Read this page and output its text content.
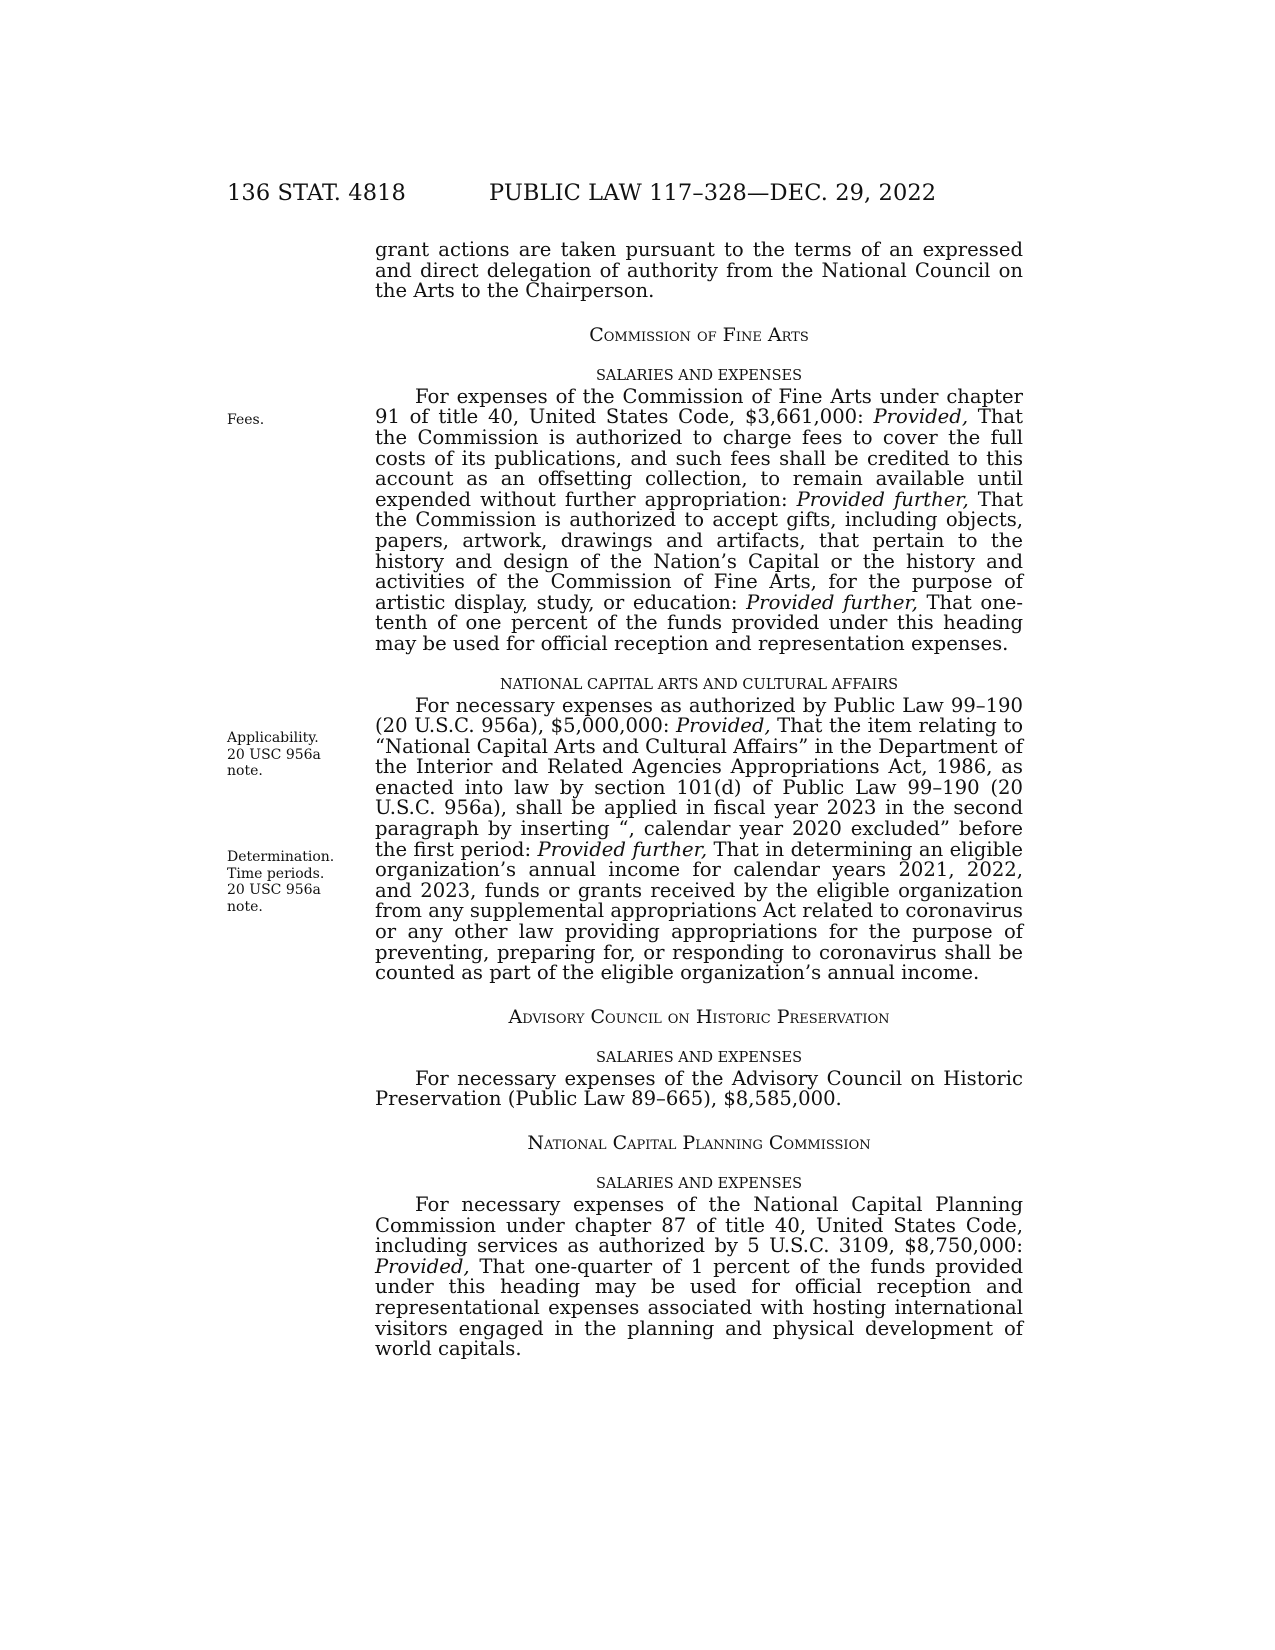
136 STAT. 4818	PUBLIC LAW 117–328—DEC. 29, 2022
Fees.
Applicability.
20 USC 956a
note.
Determination.
Time periods.
20 USC 956a
note.

grant actions are taken pursuant to the terms of an expressed and direct delegation of authority from the National Council on the Arts to the Chairperson.

Commission of Fine Arts
SALARIES AND EXPENSES

For expenses of the Commission of Fine Arts under chapter 91 of title 40, United States Code, $3,661,000: Provided, That the Commission is authorized to charge fees to cover the full costs of its publications, and such fees shall be credited to this account as an offsetting collection, to remain available until expended without further appropriation: Provided further, That the Commission is authorized to accept gifts, including objects, papers, artwork, drawings and artifacts, that pertain to the history and design of the Nation’s Capital or the history and activities of the Commission of Fine Arts, for the purpose of artistic display, study, or education: Provided further, That one-tenth of one percent of the funds provided under this heading may be used for official reception and representation expenses.

NATIONAL CAPITAL ARTS AND CULTURAL AFFAIRS

For necessary expenses as authorized by Public Law 99–190 (20 U.S.C. 956a), $5,000,000: Provided, That the item relating to “National Capital Arts and Cultural Affairs” in the Department of the Interior and Related Agencies Appropriations Act, 1986, as enacted into law by section 101(d) of Public Law 99–190 (20 U.S.C. 956a), shall be applied in fiscal year 2023 in the second paragraph by inserting “, calendar year 2020 excluded” before the first period: Provided further, That in determining an eligible organization’s annual income for calendar years 2021, 2022, and 2023, funds or grants received by the eligible organization from any supplemental appropriations Act related to coronavirus or any other law providing appropriations for the purpose of preventing, preparing for, or responding to coronavirus shall be counted as part of the eligible organization’s annual income.

Advisory Council on Historic Preservation
SALARIES AND EXPENSES

For necessary expenses of the Advisory Council on Historic Preservation (Public Law 89–665), $8,585,000.

National Capital Planning Commission
SALARIES AND EXPENSES

For necessary expenses of the National Capital Planning Commission under chapter 87 of title 40, United States Code, including services as authorized by 5 U.S.C. 3109, $8,750,000: Provided, That one-quarter of 1 percent of the funds provided under this heading may be used for official reception and representational expenses associated with hosting international visitors engaged in the planning and physical development of world capitals.
